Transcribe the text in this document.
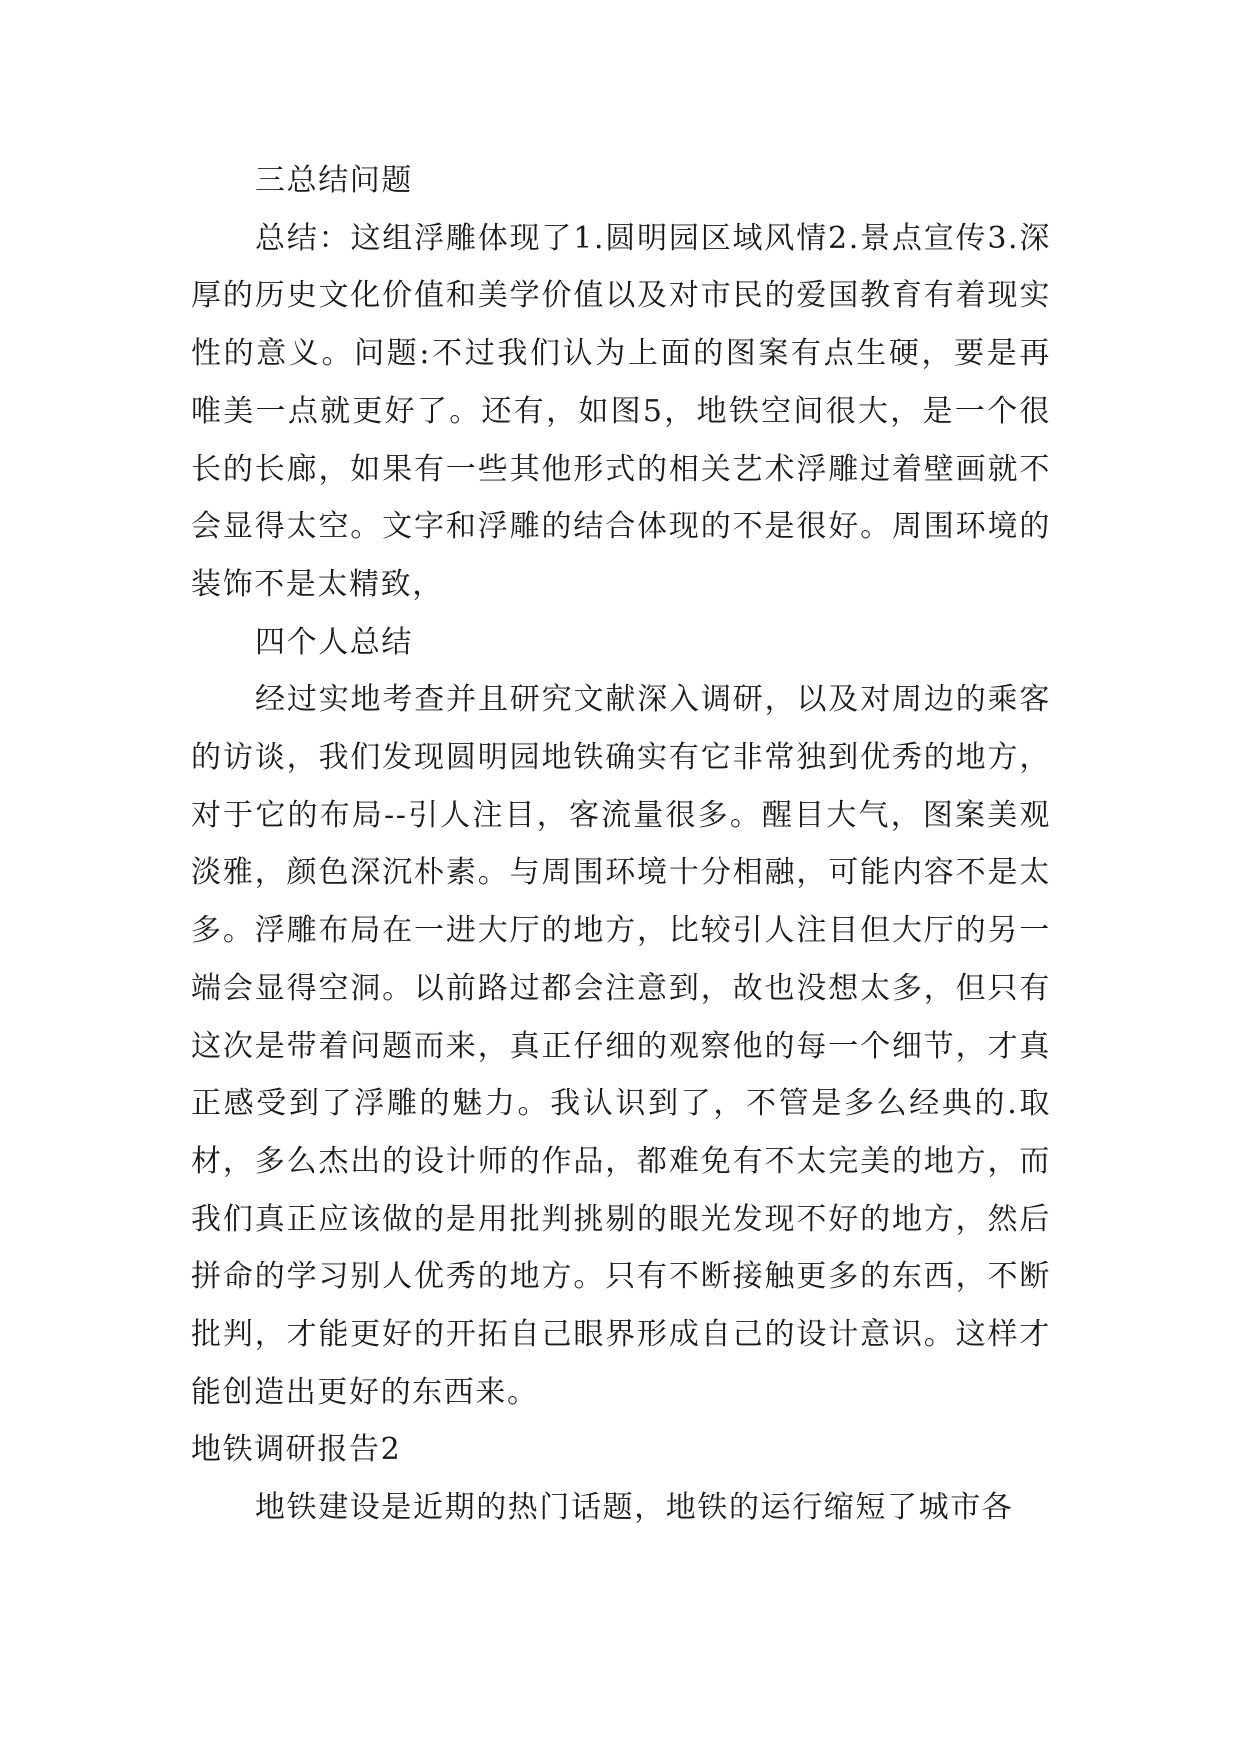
三总结问题

总结：这组浮雕体现了1.圆明园区域风情2.景点宣传3.深厚的历史文化价值和美学价值以及对市民的爱国教育有着现实性的意义。问题:不过我们认为上面的图案有点生硬，要是再唯美一点就更好了。还有，如图5，地铁空间很大，是一个很长的长廊，如果有一些其他形式的相关艺术浮雕过着壁画就不会显得太空。文字和浮雕的结合体现的不是很好。周围环境的装饰不是太精致，

四个人总结

经过实地考查并且研究文献深入调研，以及对周边的乘客的访谈，我们发现圆明园地铁确实有它非常独到优秀的地方，对于它的布局--引人注目，客流量很多。醒目大气，图案美观淡雅，颜色深沉朴素。与周围环境十分相融，可能内容不是太多。浮雕布局在一进大厅的地方，比较引人注目但大厅的另一端会显得空洞。以前路过都会注意到，故也没想太多，但只有这次是带着问题而来，真正仔细的观察他的每一个细节，才真正感受到了浮雕的魅力。我认识到了，不管是多么经典的.取材，多么杰出的设计师的作品，都难免有不太完美的地方，而我们真正应该做的是用批判挑剔的眼光发现不好的地方，然后拼命的学习别人优秀的地方。只有不断接触更多的东西，不断批判，才能更好的开拓自己眼界形成自己的设计意识。这样才能创造出更好的东西来。

地铁调研报告2

地铁建设是近期的热门话题，地铁的运行缩短了城市各
